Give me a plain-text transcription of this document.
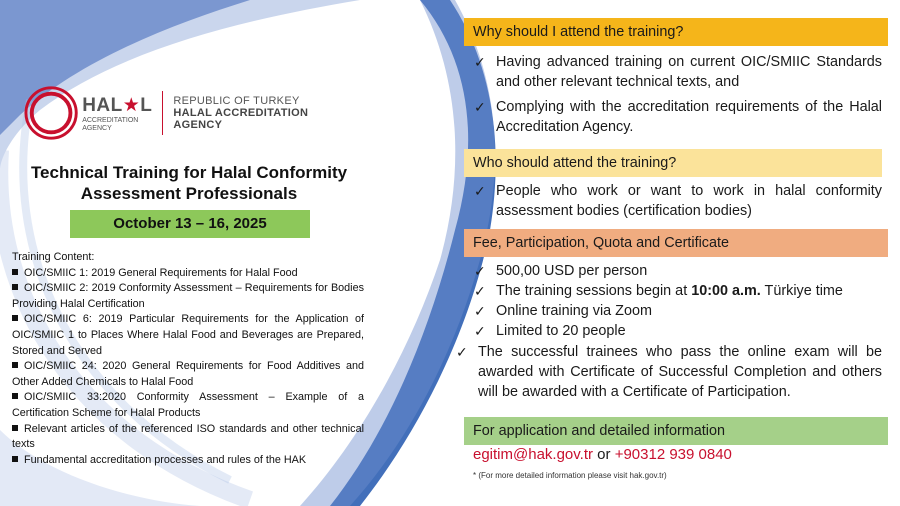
HAL★L
ACCREDITATION
AGENCY
REPUBLIC OF TURKEY
HALAL ACCREDITATION AGENCY
Technical Training for Halal Conformity Assessment Professionals
October 13 – 16, 2025
Training Content:
OIC/SMIIC 1: 2019 General Requirements for Halal Food
OIC/SMIIC 2: 2019 Conformity Assessment – Requirements for Bodies Providing Halal Certification
OIC/SMIIC 6: 2019 Particular Requirements for the Application of OIC/SMIIC 1 to Places Where Halal Food and Beverages are Prepared, Stored and Served
OIC/SMIIC 24: 2020 General Requirements for Food Additives and Other Added Chemicals to Halal Food
OIC/SMIIC 33:2020 Conformity Assessment – Example of a Certification Scheme for Halal Products
Relevant articles of the referenced ISO standards and other technical texts
Fundamental accreditation processes and rules of the HAK
Why should I attend the training?
✓ Having advanced training on current OIC/SMIIC Standards and other relevant technical texts, and
✓ Complying with the accreditation requirements of the Halal Accreditation Agency.
Who should attend the training?
✓ People who work or want to work in halal conformity assessment bodies (certification bodies)
Fee, Participation, Quota and Certificate
✓ 500,00 USD per person
✓ The training sessions begin at 10:00 a.m. Türkiye time
✓ Online training via Zoom
✓ Limited to 20 people
✓ The successful trainees who pass the online exam will be awarded with Certificate of Successful Completion and others will be awarded with a Certificate of Participation.
For application and detailed information
egitim@hak.gov.tr or +90312 939 0840
* (For more detailed information please visit hak.gov.tr)
